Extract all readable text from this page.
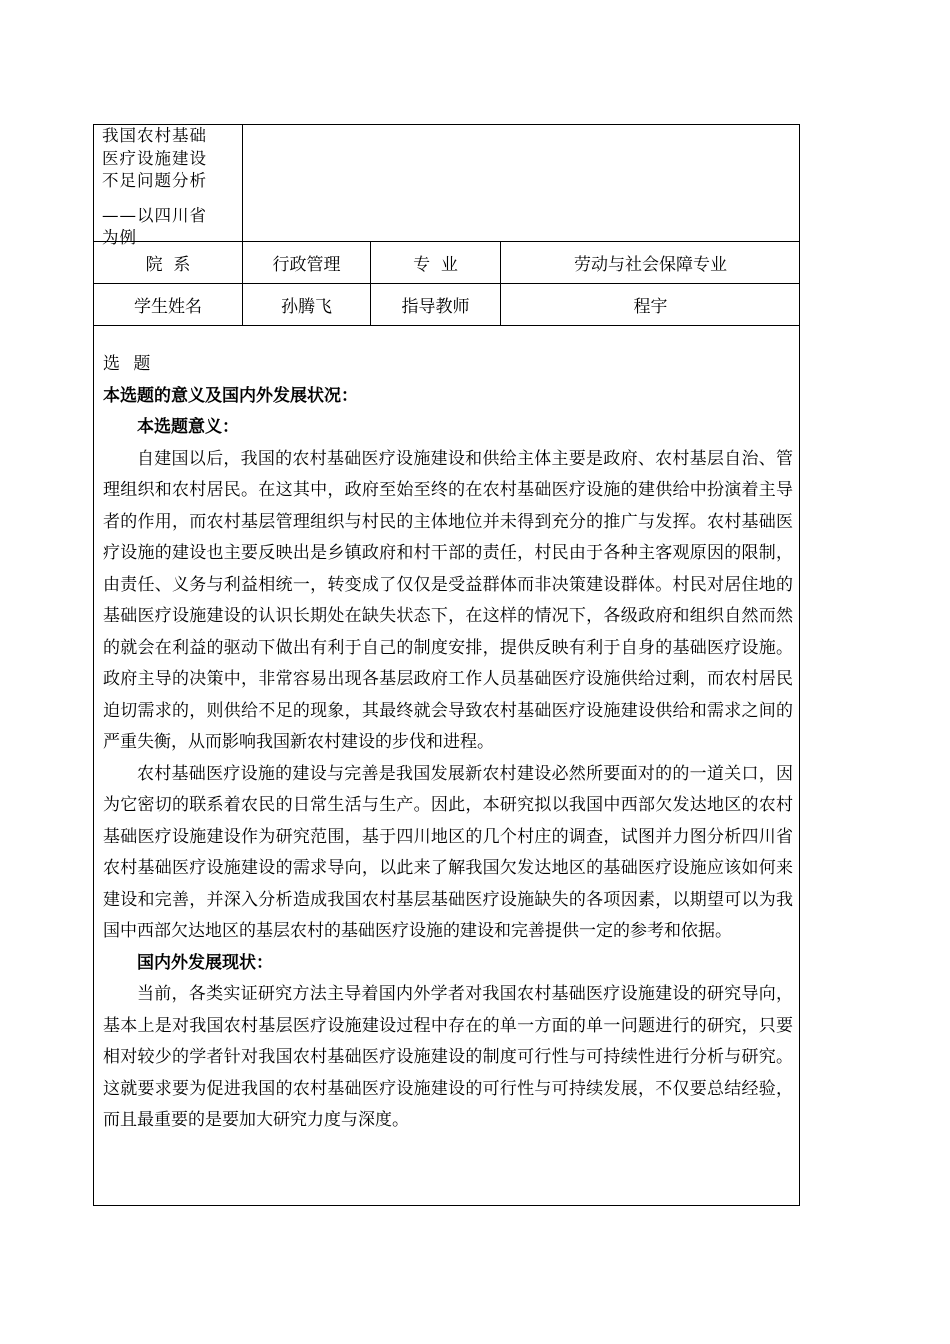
我国农村基础
医疗设施建设
不足问题分析
——以四川省
为例
院  系	行政管理	专  业	劳动与社会保障专业
学生姓名	孙腾飞	指导教师	程宇

选 题

本选题的意义及国内外发展状况：

本选题意义：

自建国以后，我国的农村基础医疗设施建设和供给主体主要是政府、农村基层自治、管理组织和农村居民。在这其中，政府至始至终的在农村基础医疗设施的建供给中扮演着主导者的作用，而农村基层管理组织与村民的主体地位并未得到充分的推广与发挥。农村基础医疗设施的建设也主要反映出是乡镇政府和村干部的责任，村民由于各种主客观原因的限制，由责任、义务与利益相统一，转变成了仅仅是受益群体而非决策建设群体。村民对居住地的基础医疗设施建设的认识长期处在缺失状态下，在这样的情况下，各级政府和组织自然而然的就会在利益的驱动下做出有利于自己的制度安排，提供反映有利于自身的基础医疗设施。政府主导的决策中，非常容易出现各基层政府工作人员基础医疗设施供给过剩，而农村居民迫切需求的，则供给不足的现象，其最终就会导致农村基础医疗设施建设供给和需求之间的严重失衡，从而影响我国新农村建设的步伐和进程。

农村基础医疗设施的建设与完善是我国发展新农村建设必然所要面对的的一道关口，因为它密切的联系着农民的日常生活与生产。因此，本研究拟以我国中西部欠发达地区的农村基础医疗设施建设作为研究范围，基于四川地区的几个村庄的调查，试图并力图分析四川省农村基础医疗设施建设的需求导向，以此来了解我国欠发达地区的基础医疗设施应该如何来建设和完善，并深入分析造成我国农村基层基础医疗设施缺失的各项因素，以期望可以为我国中西部欠达地区的基层农村的基础医疗设施的建设和完善提供一定的参考和依据。

国内外发展现状：

当前，各类实证研究方法主导着国内外学者对我国农村基础医疗设施建设的研究导向，基本上是对我国农村基层医疗设施建设过程中存在的单一方面的单一问题进行的研究，只要相对较少的学者针对我国农村基础医疗设施建设的制度可行性与可持续性进行分析与研究。这就要求要为促进我国的农村基础医疗设施建设的可行性与可持续发展，不仅要总结经验，而且最重要的是要加大研究力度与深度。
